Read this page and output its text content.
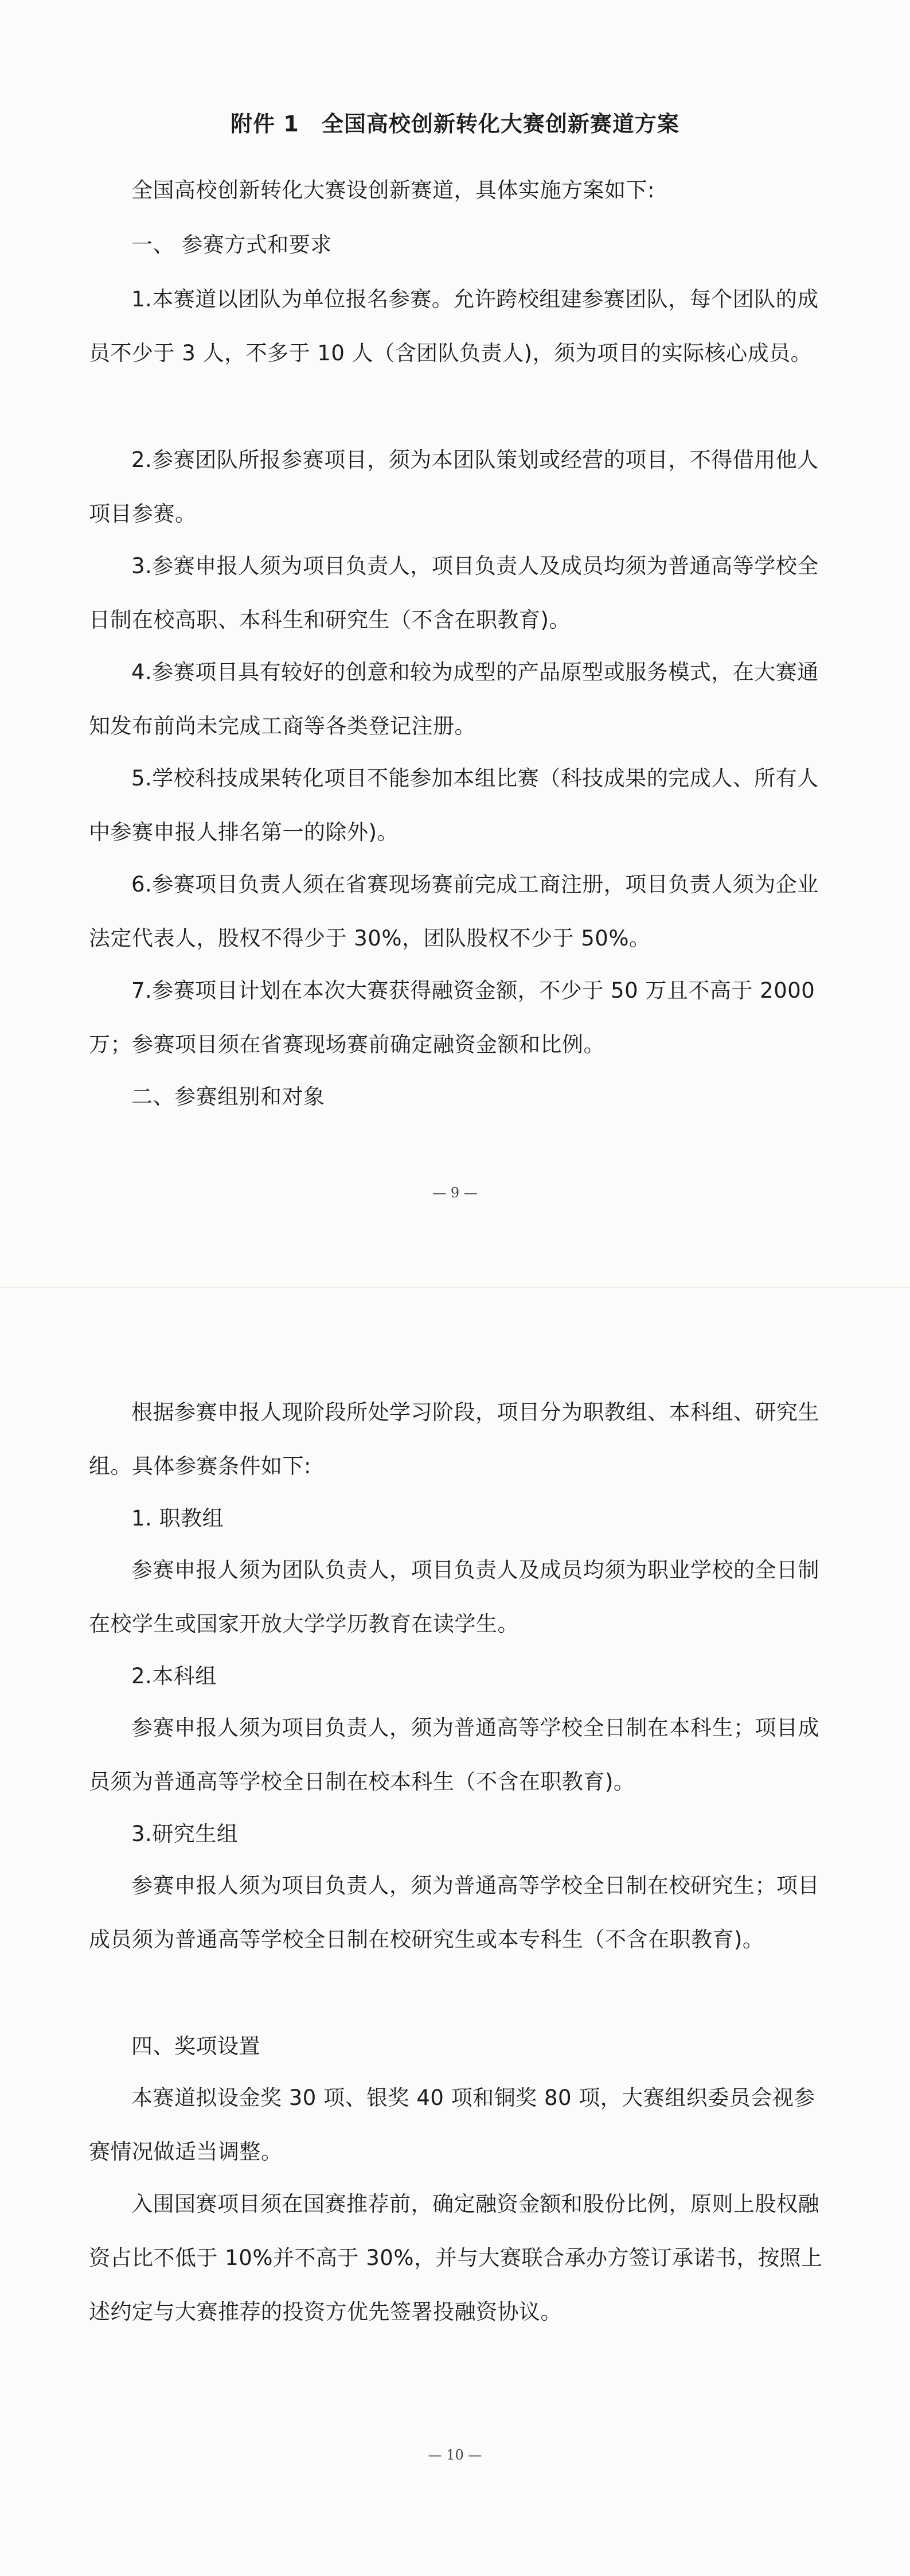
附件 1　全国高校创新转化大赛创新赛道方案

全国高校创新转化大赛设创新赛道，具体实施方案如下:

一、 参赛方式和要求

1.本赛道以团队为单位报名参赛。允许跨校组建参赛团队，每个团队的成员不少于 3 人，不多于 10 人（含团队负责人)，须为项目的实际核心成员。

2.参赛团队所报参赛项目，须为本团队策划或经营的项目，不得借用他人项目参赛。

3.参赛申报人须为项目负责人，项目负责人及成员均须为普通高等学校全日制在校高职、本科生和研究生（不含在职教育)。

4.参赛项目具有较好的创意和较为成型的产品原型或服务模式，在大赛通知发布前尚未完成工商等各类登记注册。

5.学校科技成果转化项目不能参加本组比赛（科技成果的完成人、所有人中参赛申报人排名第一的除外)。

6.参赛项目负责人须在省赛现场赛前完成工商注册，项目负责人须为企业法定代表人，股权不得少于 30%，团队股权不少于 50%。

7.参赛项目计划在本次大赛获得融资金额，不少于 50 万且不高于 2000 万；参赛项目须在省赛现场赛前确定融资金额和比例。

二、参赛组别和对象

— 9 —

根据参赛申报人现阶段所处学习阶段，项目分为职教组、本科组、研究生组。具体参赛条件如下:

1. 职教组

参赛申报人须为团队负责人，项目负责人及成员均须为职业学校的全日制在校学生或国家开放大学学历教育在读学生。

2.本科组

参赛申报人须为项目负责人，须为普通高等学校全日制在本科生；项目成员须为普通高等学校全日制在校本科生（不含在职教育)。

3.研究生组

参赛申报人须为项目负责人，须为普通高等学校全日制在校研究生；项目成员须为普通高等学校全日制在校研究生或本专科生（不含在职教育)。

四、奖项设置

本赛道拟设金奖 30 项、银奖 40 项和铜奖 80 项，大赛组织委员会视参赛情况做适当调整。

入围国赛项目须在国赛推荐前，确定融资金额和股份比例，原则上股权融资占比不低于 10%并不高于 30%，并与大赛联合承办方签订承诺书，按照上述约定与大赛推荐的投资方优先签署投融资协议。

— 10 —
